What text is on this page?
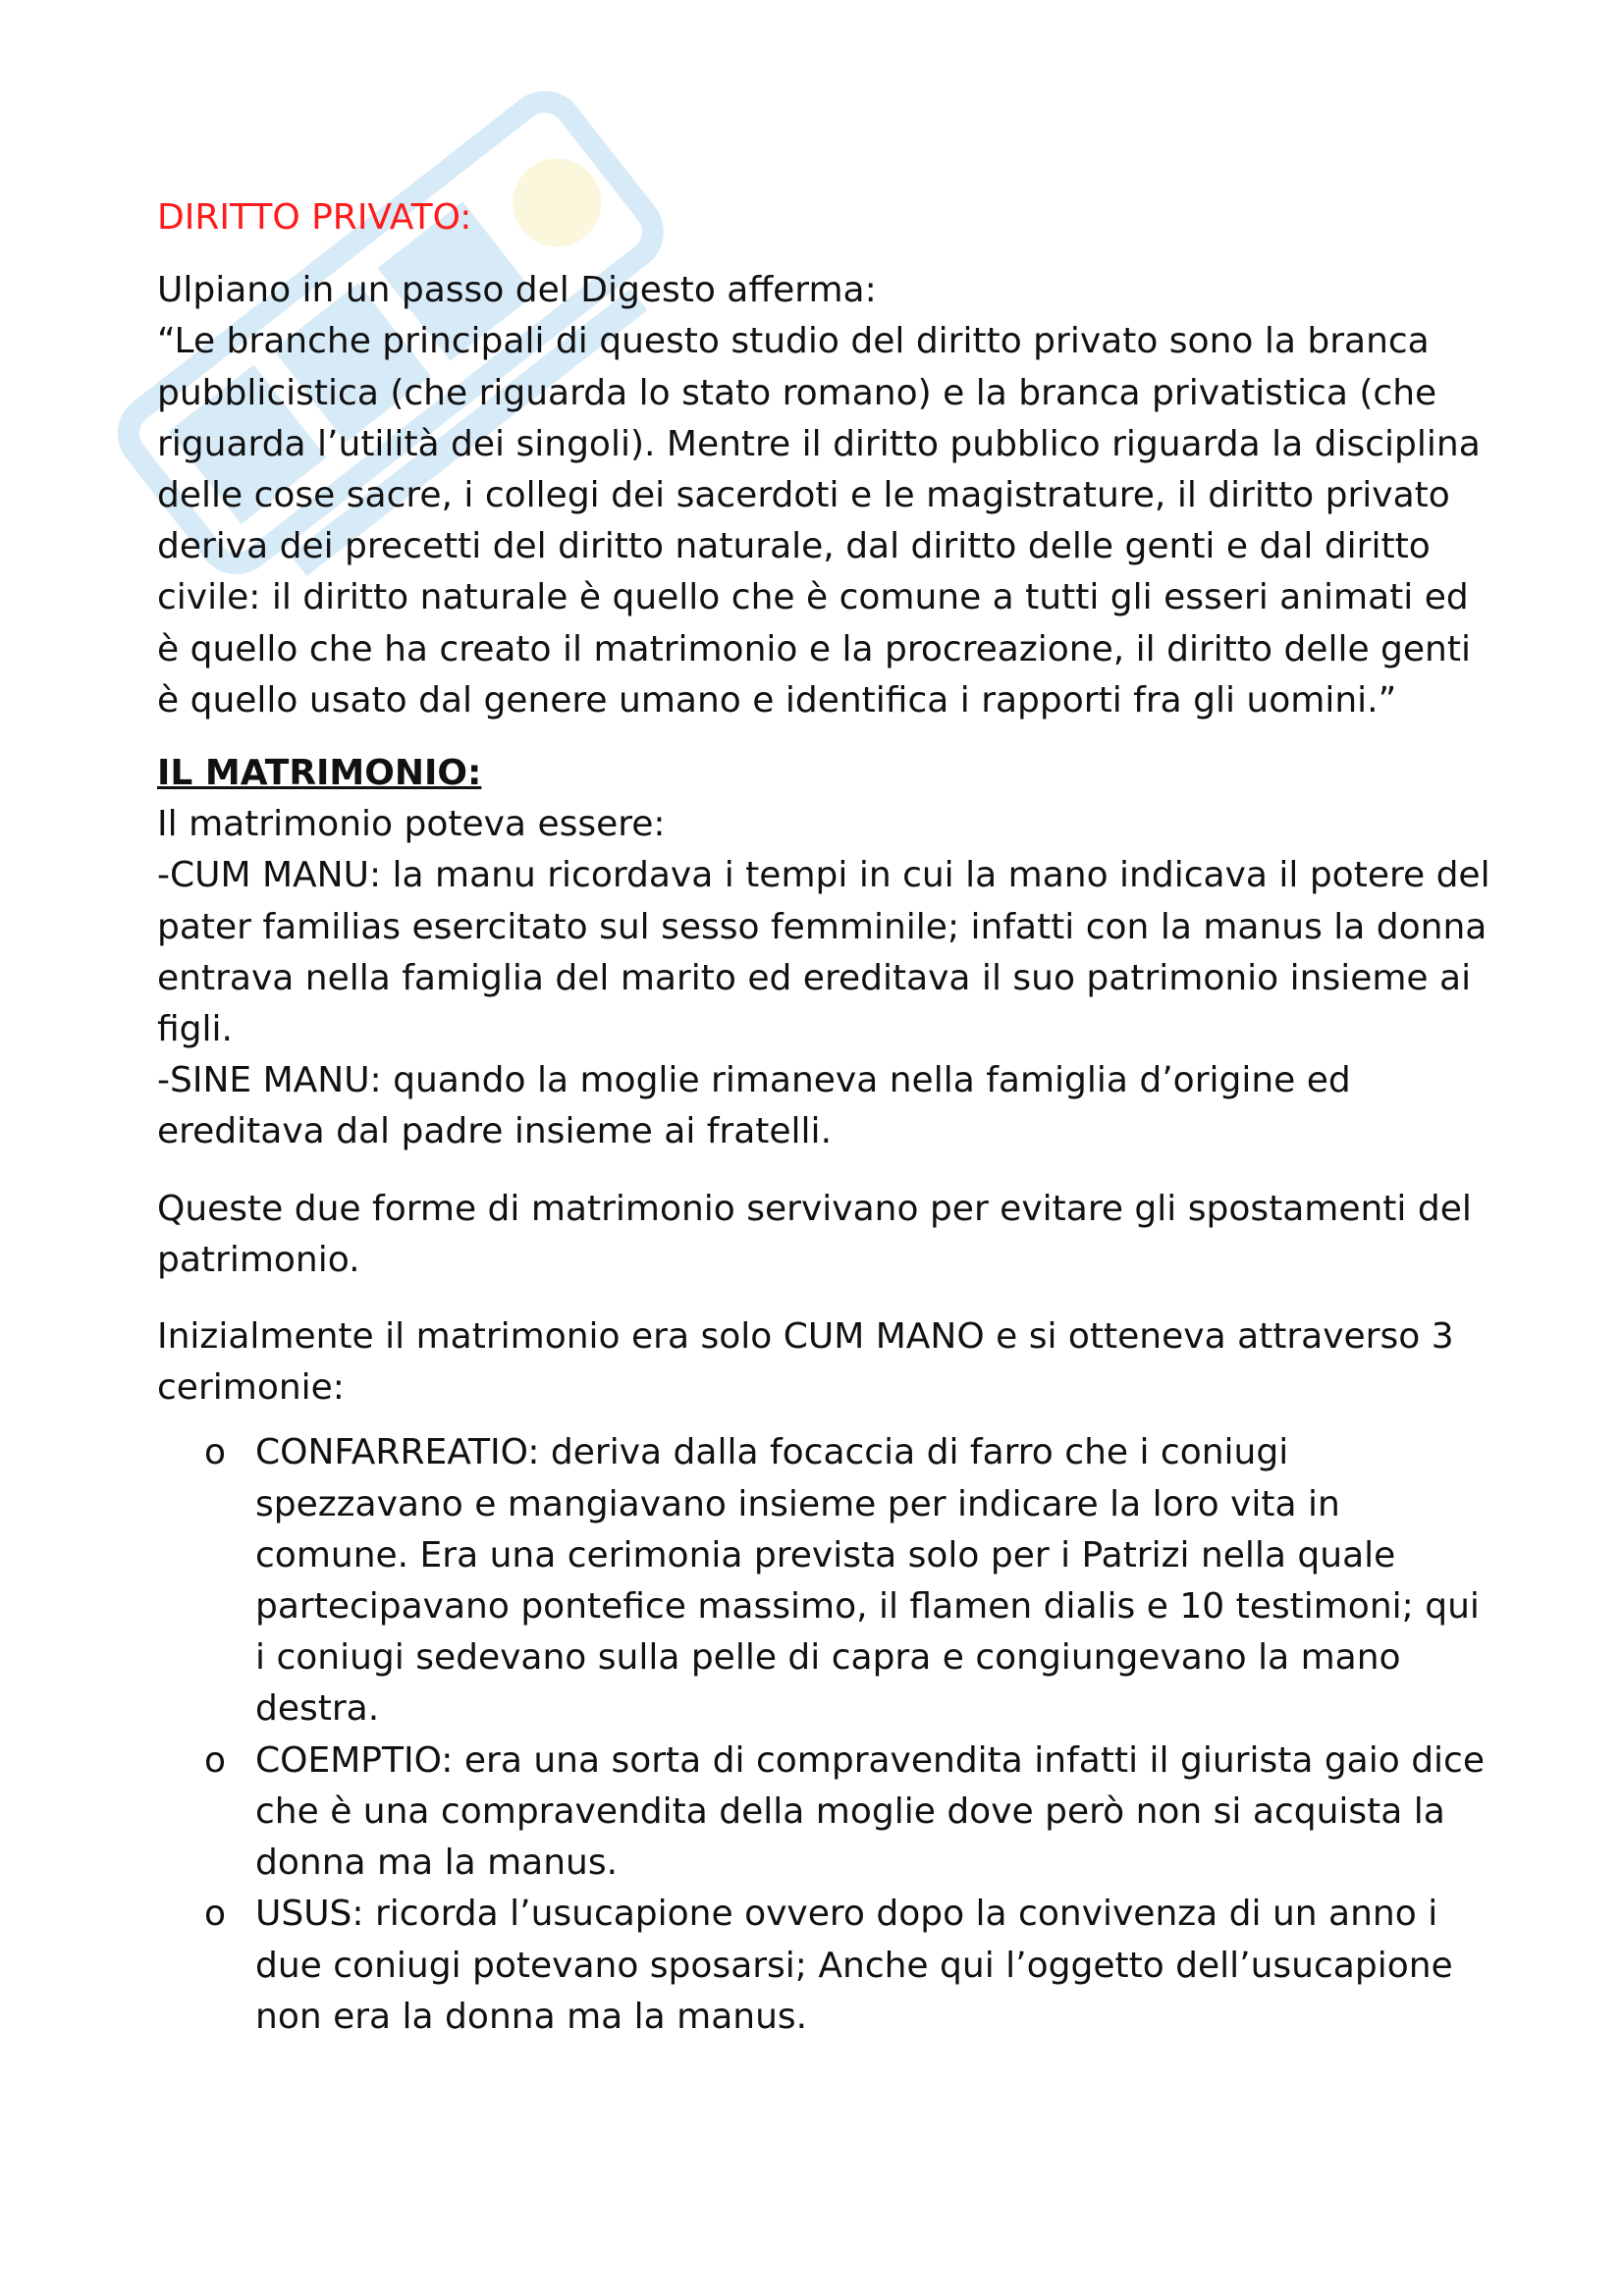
DIRITTO PRIVATO:

Ulpiano in un passo del Digesto afferma:

“Le branche principali di questo studio del diritto privato sono la branca pubblicistica (che riguarda lo stato romano) e la branca privatistica (che riguarda l’utilità dei singoli). Mentre il diritto pubblico riguarda la disciplina delle cose sacre, i collegi dei sacerdoti e le magistrature, il diritto privato deriva dei precetti del diritto naturale, dal diritto delle genti e dal diritto civile: il diritto naturale è quello che è comune a tutti gli esseri animati ed è quello che ha creato il matrimonio e la procreazione, il diritto delle genti è quello usato dal genere umano e identifica i rapporti fra gli uomini.”

IL MATRIMONIO:

Il matrimonio poteva essere:

-CUM MANU: la manu ricordava i tempi in cui la mano indicava il potere del pater familias esercitato sul sesso femminile; infatti con la manus la donna entrava nella famiglia del marito ed ereditava il suo patrimonio insieme ai figli.

-SINE MANU: quando la moglie rimaneva nella famiglia d’origine ed ereditava dal padre insieme ai fratelli.

Queste due forme di matrimonio servivano per evitare gli spostamenti del patrimonio.

Inizialmente il matrimonio era solo CUM MANO e si otteneva attraverso 3 cerimonie:

o CONFARREATIO: deriva dalla focaccia di farro che i coniugi spezzavano e mangiavano insieme per indicare la loro vita in comune. Era una cerimonia prevista solo per i Patrizi nella quale partecipavano pontefice massimo, il flamen dialis e 10 testimoni; qui i coniugi sedevano sulla pelle di capra e congiungevano la mano destra.
o COEMPTIO: era una sorta di compravendita infatti il giurista gaio dice che è una compravendita della moglie dove però non si acquista la donna ma la manus.
o USUS: ricorda l’usucapione ovvero dopo la convivenza di un anno i due coniugi potevano sposarsi; Anche qui l’oggetto dell’usucapione non era la donna ma la manus.
